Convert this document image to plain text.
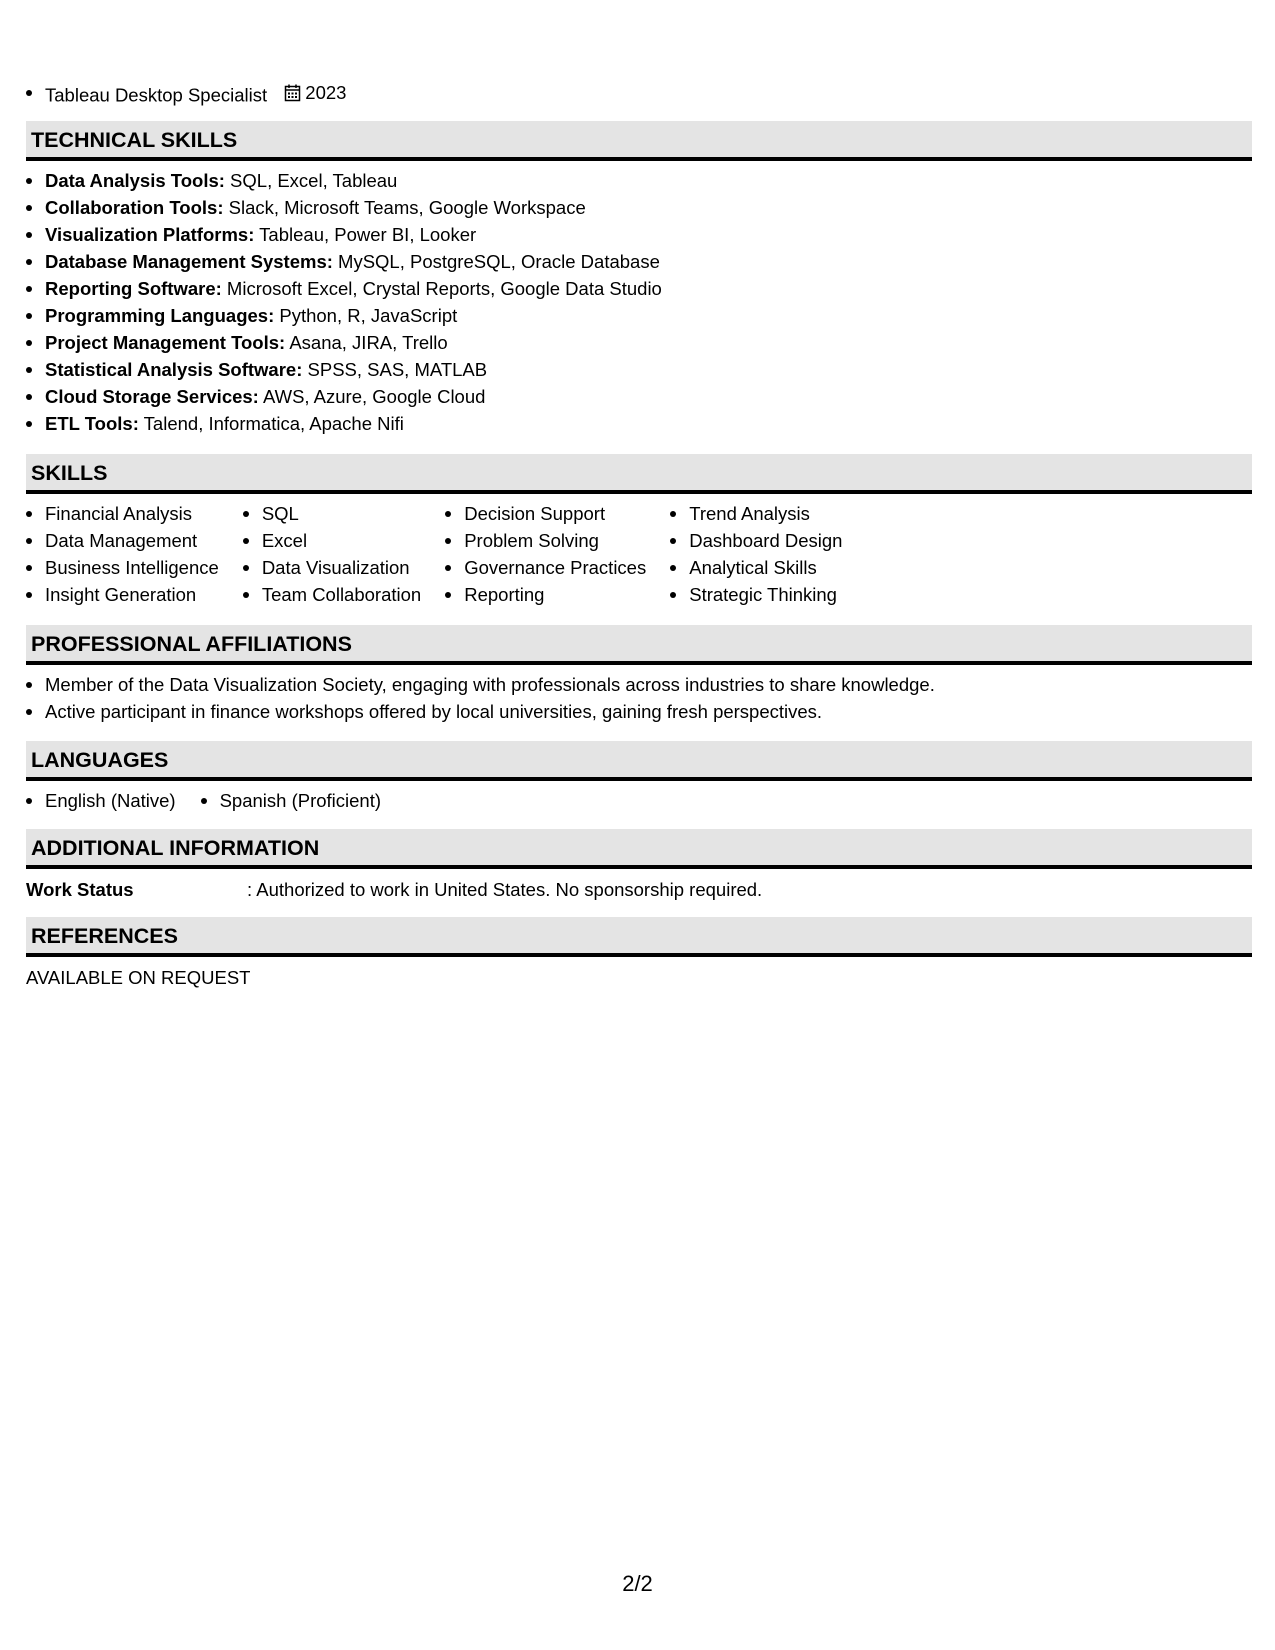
Tableau Desktop Specialist 2023
TECHNICAL SKILLS
Data Analysis Tools: SQL, Excel, Tableau
Collaboration Tools: Slack, Microsoft Teams, Google Workspace
Visualization Platforms: Tableau, Power BI, Looker
Database Management Systems: MySQL, PostgreSQL, Oracle Database
Reporting Software: Microsoft Excel, Crystal Reports, Google Data Studio
Programming Languages: Python, R, JavaScript
Project Management Tools: Asana, JIRA, Trello
Statistical Analysis Software: SPSS, SAS, MATLAB
Cloud Storage Services: AWS, Azure, Google Cloud
ETL Tools: Talend, Informatica, Apache Nifi
SKILLS
Financial Analysis
Data Management
Business Intelligence
Insight Generation
SQL
Excel
Data Visualization
Team Collaboration
Decision Support
Problem Solving
Governance Practices
Reporting
Trend Analysis
Dashboard Design
Analytical Skills
Strategic Thinking
PROFESSIONAL AFFILIATIONS
Member of the Data Visualization Society, engaging with professionals across industries to share knowledge.
Active participant in finance workshops offered by local universities, gaining fresh perspectives.
LANGUAGES
English (Native)	Spanish (Proficient)
ADDITIONAL INFORMATION
Work Status	: Authorized to work in United States. No sponsorship required.
REFERENCES
AVAILABLE ON REQUEST
2/2
